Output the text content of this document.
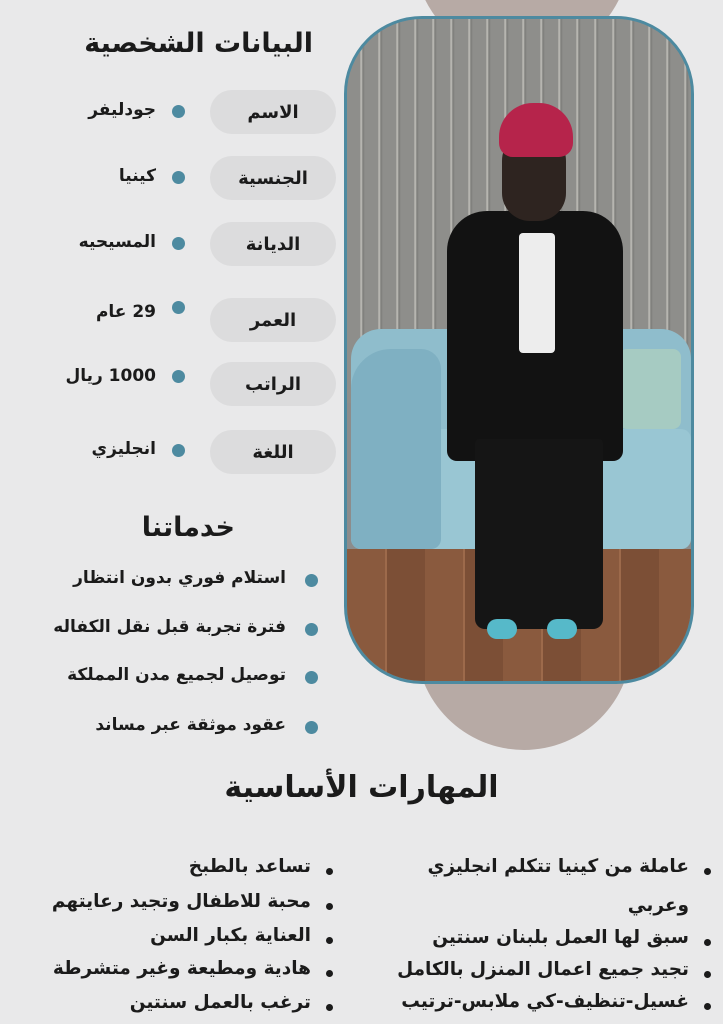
البيانات الشخصية
الاسم
جودليفر
الجنسية
كينيا
الديانة
المسيحيه
العمر
29 عام
الراتب
1000 ريال
اللغة
انجليزي
خدماتنا
استلام فوري بدون انتظار
فترة تجربة قبل نقل الكفاله
توصيل لجميع مدن المملكة
عقود موثقة عبر مساند
المهارات الأساسية
عاملة من كينيا تتكلم انجليزي
وعربي
سبق لها العمل بلبنان سنتين
تجيد جميع اعمال المنزل بالكامل
غسيل-تنظيف-كي ملابس-ترتيب
تساعد بالطبخ
محبة للاطفال وتجيد رعايتهم
العناية بكبار السن
هادية ومطيعة وغير متشرطة
ترغب بالعمل سنتين
